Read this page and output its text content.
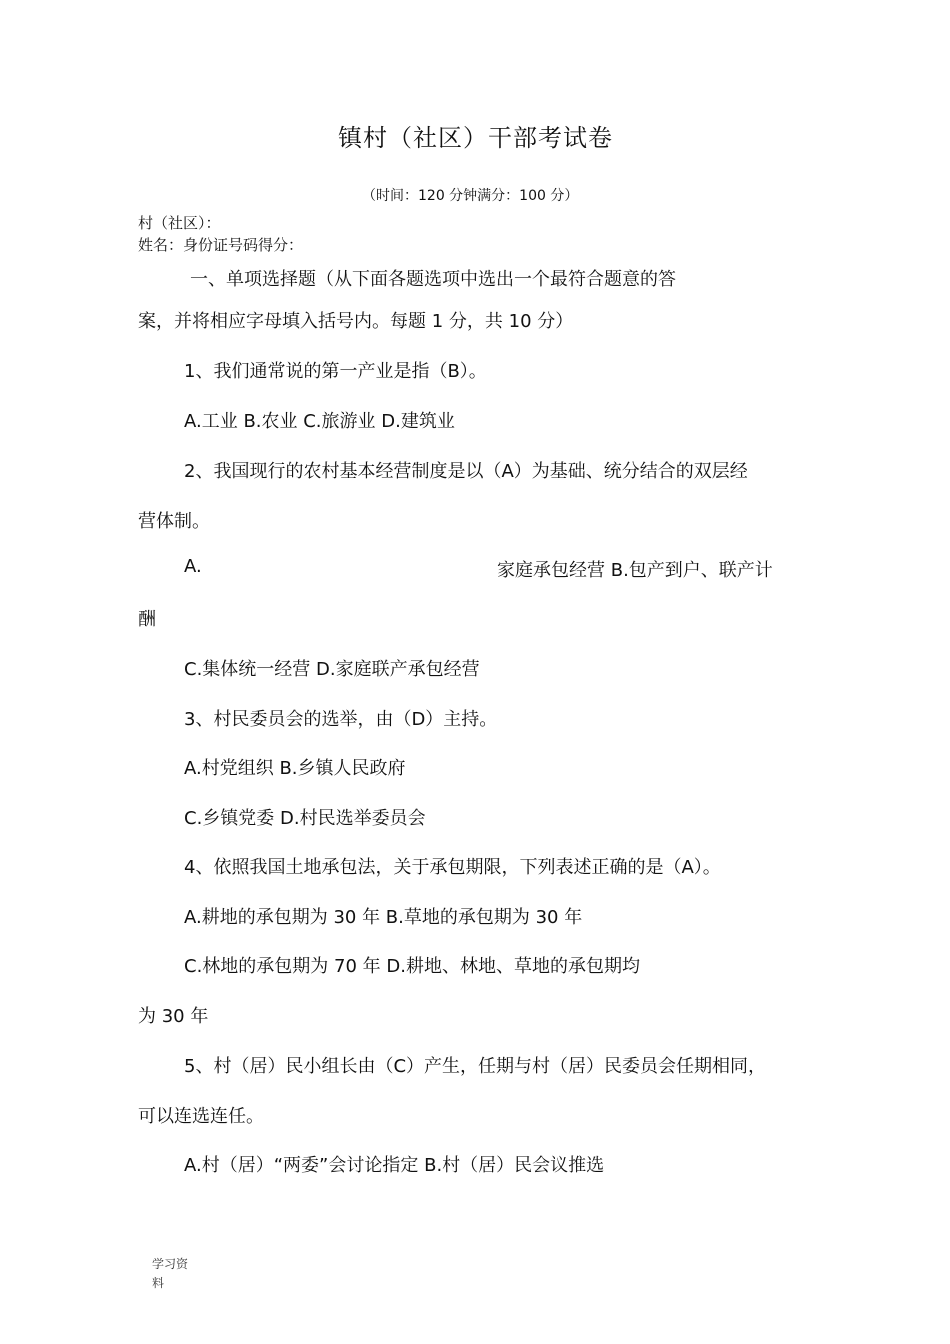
镇村（社区）干部考试卷
（时间：120 分钟满分：100 分）
村（社区）：
姓名：身份证号码得分：
一、单项选择题（从下面各题选项中选出一个最符合题意的答
案，并将相应字母填入括号内。每题 1 分，共 10 分）
1、我们通常说的第一产业是指（B）。
A.工业 B.农业 C.旅游业 D.建筑业
2、我国现行的农村基本经营制度是以（A）为基础、统分结合的双层经
营体制。
A.	家庭承包经营 B.包产到户、联产计
酬
C.集体统一经营 D.家庭联产承包经营
3、村民委员会的选举，由（D）主持。
A.村党组织 B.乡镇人民政府
C.乡镇党委 D.村民选举委员会
4、依照我国土地承包法，关于承包期限，下列表述正确的是（A）。
A.耕地的承包期为 30 年 B.草地的承包期为 30 年
C.林地的承包期为 70 年 D.耕地、林地、草地的承包期均
为 30 年
5、村（居）民小组长由（C）产生，任期与村（居）民委员会任期相同，
可以连选连任。
A.村（居）“两委”会讨论指定 B.村（居）民会议推选
学习资
料
